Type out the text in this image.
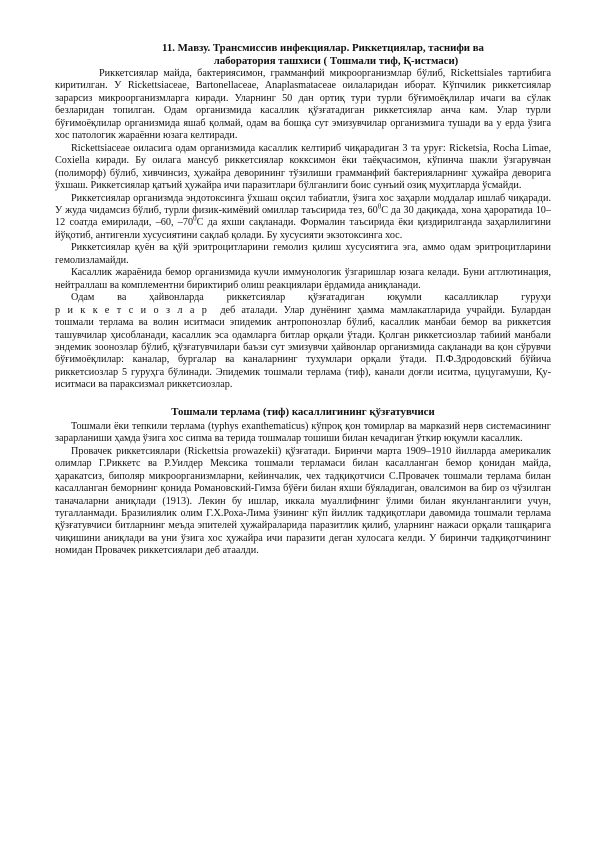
11. Мавзу. Трансмиссив инфекциялар. Риккетциялар, таснифи ва

лаборатория ташхиси ( Тошмали тиф, Қ-истмаси)

Риккетсиялар майда, бактериясимон, грамманфий микроорганизмлар бўлиб, Rickettsiales тартибига киритилган. У Rickettsiaceae, Bartonellaceae, Anaplasmataceae оилаларидан иборат. Кўпчилик риккетсиялар зарарсиз микроорганизмларга киради. Уларнинг 50 дан ортиқ тури турли бўғимоёқлилар ичаги ва сўлак безларидан топилган. Одам организмида касаллик қўзғатадиган риккетсиялар анча кам. Улар турли бўғимоёқлилар организмида яшаб қолмай, одам ва бошқа сут эмизувчилар организмига тушади ва у ерда ўзига хос патологик жараённи юзага келтиради.

Rickettsiaceae оиласига одам организмида касаллик келтириб чиқарадиган 3 та уруғ: Ricketsia, Rocha Limae, Coxiella киради. Бу оилага мансуб риккетсиялар кокксимон ёки таёқчасимон, кўпинча шакли ўзгарувчан (полиморф) бўлиб, хивчинсиз, ҳужайра деворининг тўзилиши грамманфий бактерияларнинг ҳужайра деворига ўхшаш. Риккетсиялар қатъий ҳужайра ичи паразитлари бўлганлиги боис сунъий озиқ муҳитларда ўсмайди.

Риккетсиялар организмда эндотоксинга ўхшаш оқсил табиатли, ўзига хос заҳарли моддалар ишлаб чиқаради. У жуда чидамсиз бўлиб, турли физик-кимёвий омиллар таъсирида тез, $60^0С$ да 30 дақиқада, хона ҳароратида 10–12 соатда емирилади, –60, $-70^0С$ да яхши сақланади. Формалин таъсирида ёки қиздирилганда заҳарлилигини йўқотиб, антигенли хусусиятини сақлаб қолади. Бу хусусияти экзотоксинга хос.

Риккетсиялар қуён ва қўй эритроцитларини гемолиз қилиш хусусиятига эга, аммо одам эритроцитларини гемолизламайди.

Касаллик жараёнида бемор организмида кучли иммунологик ўзгаришлар юзага келади. Буни агглютинация, нейтраллаш ва комплементни бириктириб олиш реакциялари ёрдамида аниқланади.

Одам ва ҳайвонларда риккетсиялар қўзғатадиган юқумли касалликлар гуруҳи риккетсиозлар деб аталади. Улар дунёнинг ҳамма мамлакатларида учрайди. Булардан тошмали терлама ва волин иситмаси эпидемик антропонозлар бўлиб, касаллик манбаи бемор ва риккетсия ташувчилар ҳисобланади, касаллик эса одамларга битлар орқали ўтади. Қолган риккетсиозлар табиий манбали эндемик зоонозлар бўлиб, қўзғатувчилари баъзи сут эмизувчи ҳайвонлар организмида сақланади ва қон сўрувчи бўғимоёқлилар: каналар, бургалар ва каналарнинг тухумлари орқали ўтади. П.Ф.Здродовский бўйича риккетсиозлар 5 гуруҳга бўлинади. Эпидемик тошмали терлама (тиф), канали доғли иситма, цуцугамуши, Қу-иситмаси ва параксизмал риккетсиозлар.

Тошмали терлама (тиф) касаллигининг қўзғатувчиси

Тошмали ёки тепкили терлама (typhys exanthematicus) кўпроқ қон томирлар ва марказий нерв системасининг зарарланиши ҳамда ўзига хос сипма ва терида тошмалар тошиши билан кечадиган ўткир юқумли касаллик.

Провачек риккетсиялари (Rickettsia prowazekii) қўзғатади. Биринчи марта 1909–1910 йилларда америкалик олимлар Г.Риккетс ва Р.Уилдер Мексика тошмали терламаси билан касалланган бемор қонидан майда, ҳаракатсиз, биполяр микроорганизмларни, кейинчалик, чех тадқиқотчиси С.Провачек тошмали терлама билан касалланган беморнинг қонида Романовский-Гимза бўёғи билан яхши бўяладиган, овалсимон ва бир оз чўзилган таначаларни аниқлади (1913). Лекин бу ишлар, иккала муаллифнинг ўлими билан якунланганлиги учун, тугалланмади. Бразилиялик олим Г.Х.Роха-Лима ўзининг кўп йиллик тадқиқотлари давомида тошмали терлама қўзғатувчиси битларнинг меъда эпителей ҳужайраларида паразитлик қилиб, уларнинг нажаси орқали ташқарига чиқишини аниқлади ва уни ўзига хос ҳужайра ичи паразити деган хулосага келди. У биринчи тадқиқотчининг номидан Провачек риккетсиялари деб атаалди.
